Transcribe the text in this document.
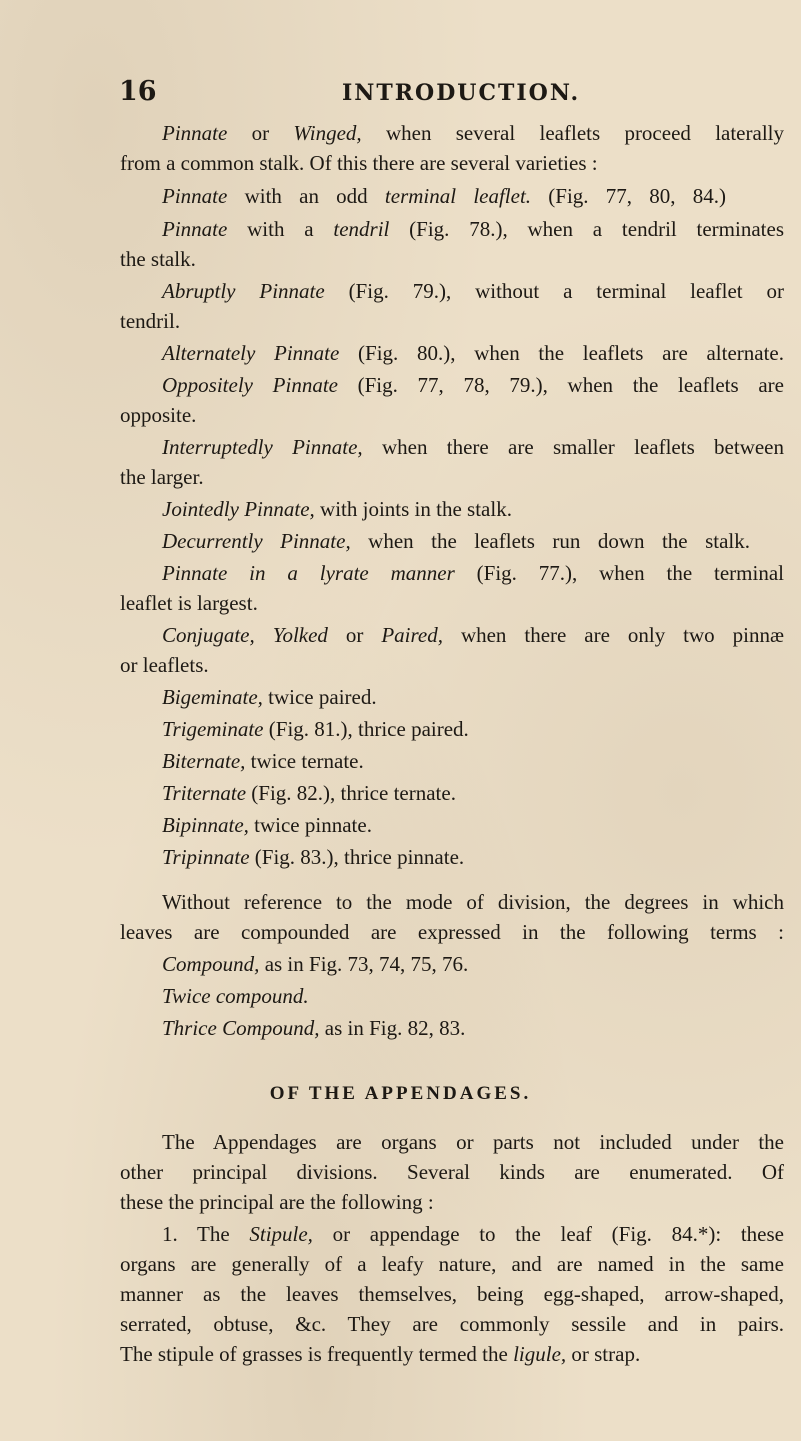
16	INTRODUCTION.
Pinnate or Winged, when several leaflets proceed laterally
from a common stalk. Of this there are several varieties :
Pinnate with an odd terminal leaflet. (Fig. 77, 80, 84.)
Pinnate with a tendril (Fig. 78.), when a tendril terminates
the stalk.
Abruptly Pinnate (Fig. 79.), without a terminal leaflet or
tendril.
Alternately Pinnate (Fig. 80.), when the leaflets are alternate.
Oppositely Pinnate (Fig. 77, 78, 79.), when the leaflets are
opposite.
Interruptedly Pinnate, when there are smaller leaflets between
the larger.
Jointedly Pinnate, with joints in the stalk.
Decurrently Pinnate, when the leaflets run down the stalk.
Pinnate in a lyrate manner (Fig. 77.), when the terminal
leaflet is largest.
Conjugate, Yolked or Paired, when there are only two pinnæ
or leaflets.
Bigeminate, twice paired.
Trigeminate (Fig. 81.), thrice paired.
Biternate, twice ternate.
Triternate (Fig. 82.), thrice ternate.
Bipinnate, twice pinnate.
Tripinnate (Fig. 83.), thrice pinnate.
Without reference to the mode of division, the degrees in which
leaves are compounded are expressed in the following terms :
Compound, as in Fig. 73, 74, 75, 76.
Twice compound.
Thrice Compound, as in Fig. 82, 83.
OF THE APPENDAGES.
The Appendages are organs or parts not included under the
other principal divisions. Several kinds are enumerated. Of
these the principal are the following :
1. The Stipule, or appendage to the leaf (Fig. 84.*): these
organs are generally of a leafy nature, and are named in the same
manner as the leaves themselves, being egg-shaped, arrow-shaped,
serrated, obtuse, &c. They are commonly sessile and in pairs.
The stipule of grasses is frequently termed the ligule, or strap.
